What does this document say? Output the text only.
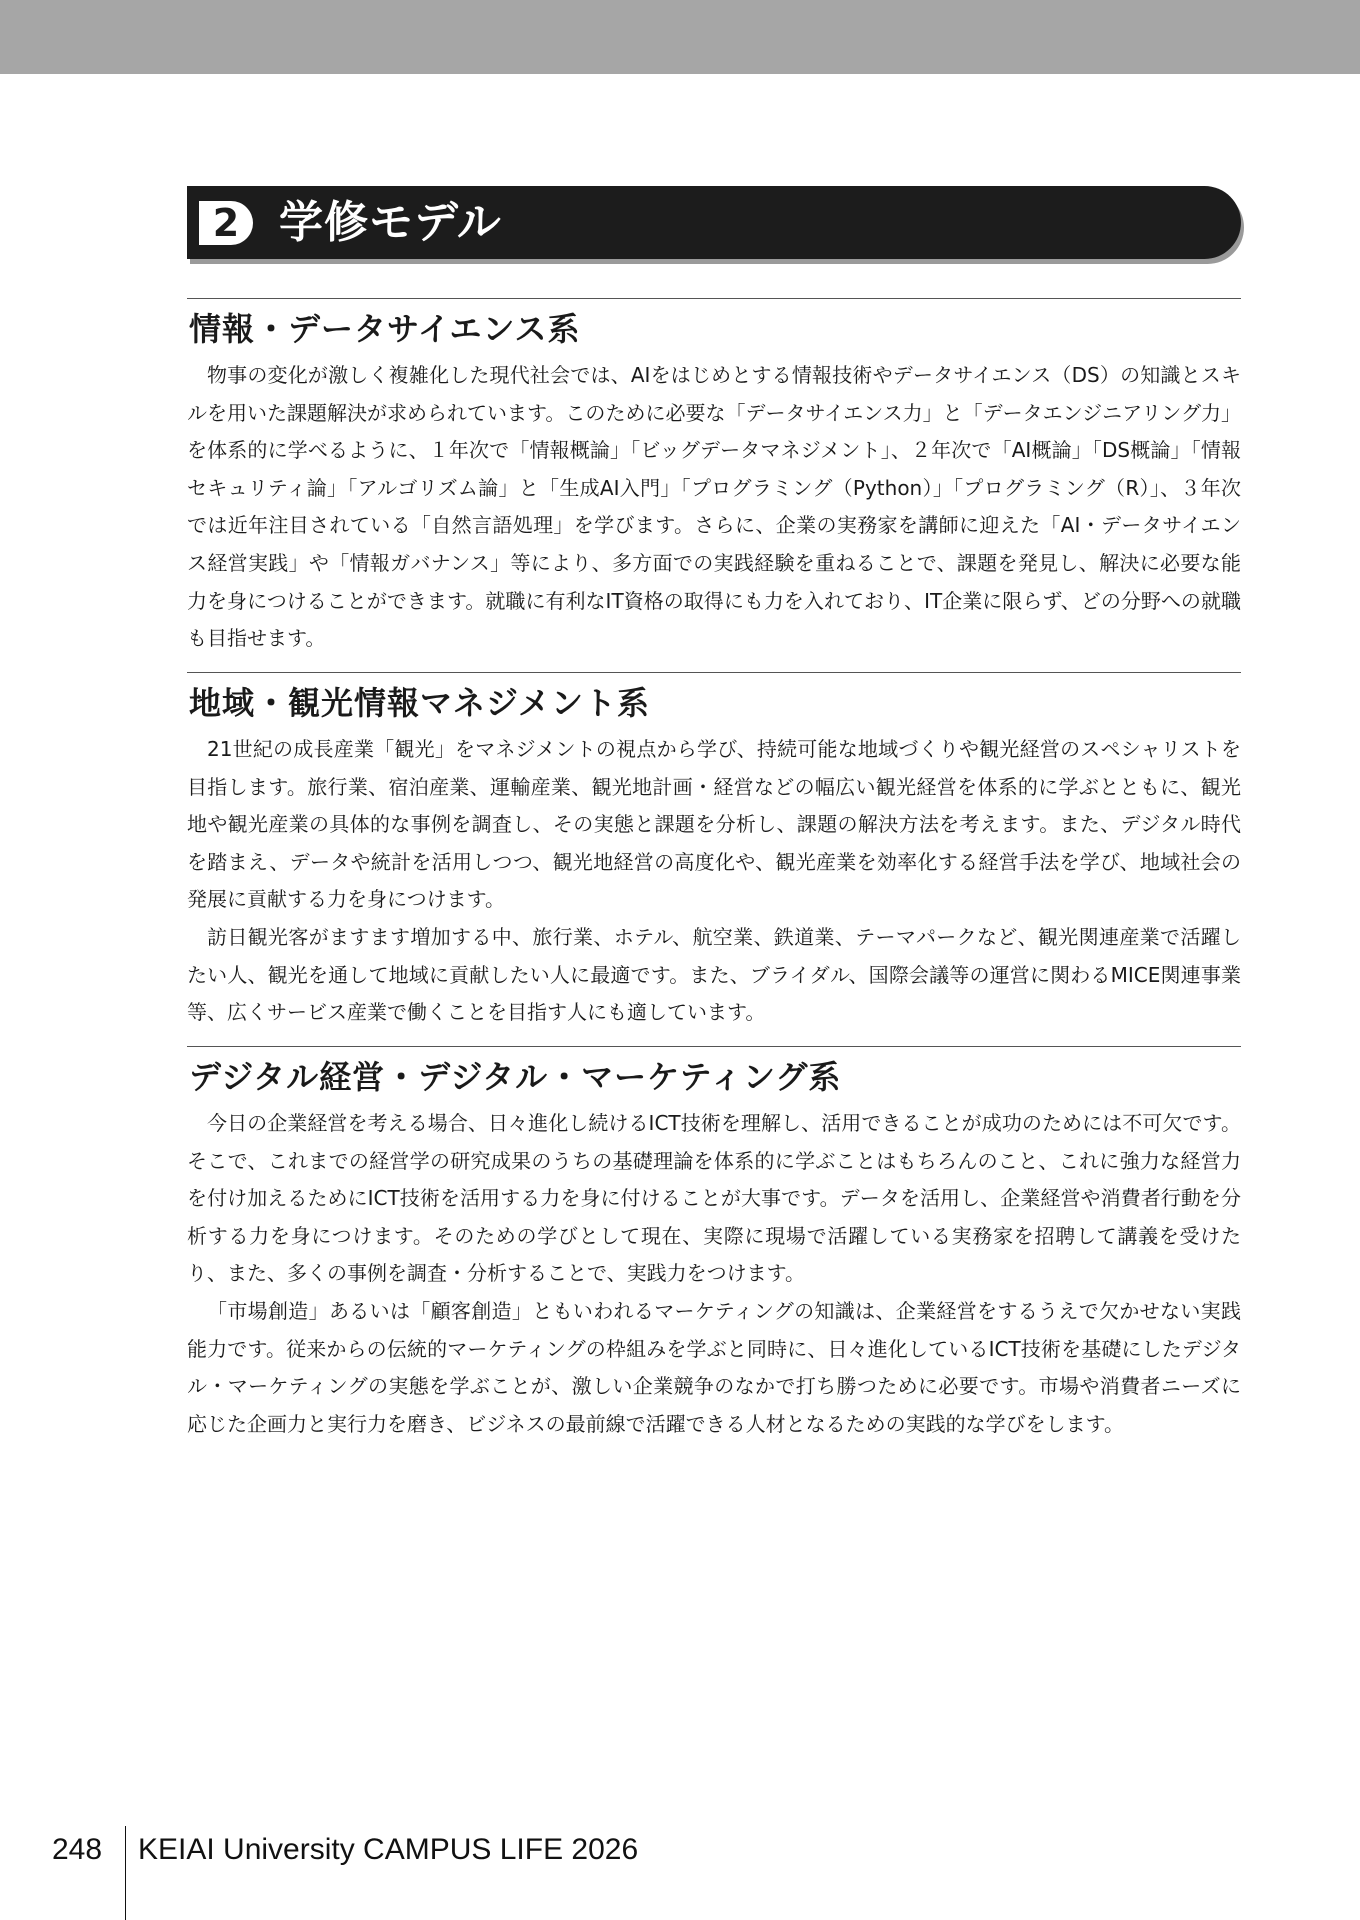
2 学修モデル
情報・データサイエンス系

物事の変化が激しく複雑化した現代社会では、AIをはじめとする情報技術やデータサイエンス（DS）の知識とスキルを用いた課題解決が求められています。このために必要な「データサイエンス力」と「データエンジニアリング力」を体系的に学べるように、１年次で「情報概論」「ビッグデータマネジメント」、２年次で「AI概論」「DS概論」「情報セキュリティ論」「アルゴリズム論」と「生成AI入門」「プログラミング（Python）」「プログラミング（R）」、３年次では近年注目されている「自然言語処理」を学びます。さらに、企業の実務家を講師に迎えた「AI・データサイエンス経営実践」や「情報ガバナンス」等により、多方面での実践経験を重ねることで、課題を発見し、解決に必要な能力を身につけることができます。就職に有利なIT資格の取得にも力を入れており、IT企業に限らず、どの分野への就職も目指せます。

地域・観光情報マネジメント系

21世紀の成長産業「観光」をマネジメントの視点から学び、持続可能な地域づくりや観光経営のスペシャリストを目指します。旅行業、宿泊産業、運輸産業、観光地計画・経営などの幅広い観光経営を体系的に学ぶとともに、観光地や観光産業の具体的な事例を調査し、その実態と課題を分析し、課題の解決方法を考えます。また、デジタル時代を踏まえ、データや統計を活用しつつ、観光地経営の高度化や、観光産業を効率化する経営手法を学び、地域社会の発展に貢献する力を身につけます。

訪日観光客がますます増加する中、旅行業、ホテル、航空業、鉄道業、テーマパークなど、観光関連産業で活躍したい人、観光を通して地域に貢献したい人に最適です。また、ブライダル、国際会議等の運営に関わるMICE関連事業等、広くサービス産業で働くことを目指す人にも適しています。

デジタル経営・デジタル・マーケティング系

今日の企業経営を考える場合、日々進化し続けるICT技術を理解し、活用できることが成功のためには不可欠です。そこで、これまでの経営学の研究成果のうちの基礎理論を体系的に学ぶことはもちろんのこと、これに強力な経営力を付け加えるためにICT技術を活用する力を身に付けることが大事です。データを活用し、企業経営や消費者行動を分析する力を身につけます。そのための学びとして現在、実際に現場で活躍している実務家を招聘して講義を受けたり、また、多くの事例を調査・分析することで、実践力をつけます。

「市場創造」あるいは「顧客創造」ともいわれるマーケティングの知識は、企業経営をするうえで欠かせない実践能力です。従来からの伝統的マーケティングの枠組みを学ぶと同時に、日々進化しているICT技術を基礎にしたデジタル・マーケティングの実態を学ぶことが、激しい企業競争のなかで打ち勝つために必要です。市場や消費者ニーズに応じた企画力と実行力を磨き、ビジネスの最前線で活躍できる人材となるための実践的な学びをします。

248 KEIAI University CAMPUS LIFE 2026
